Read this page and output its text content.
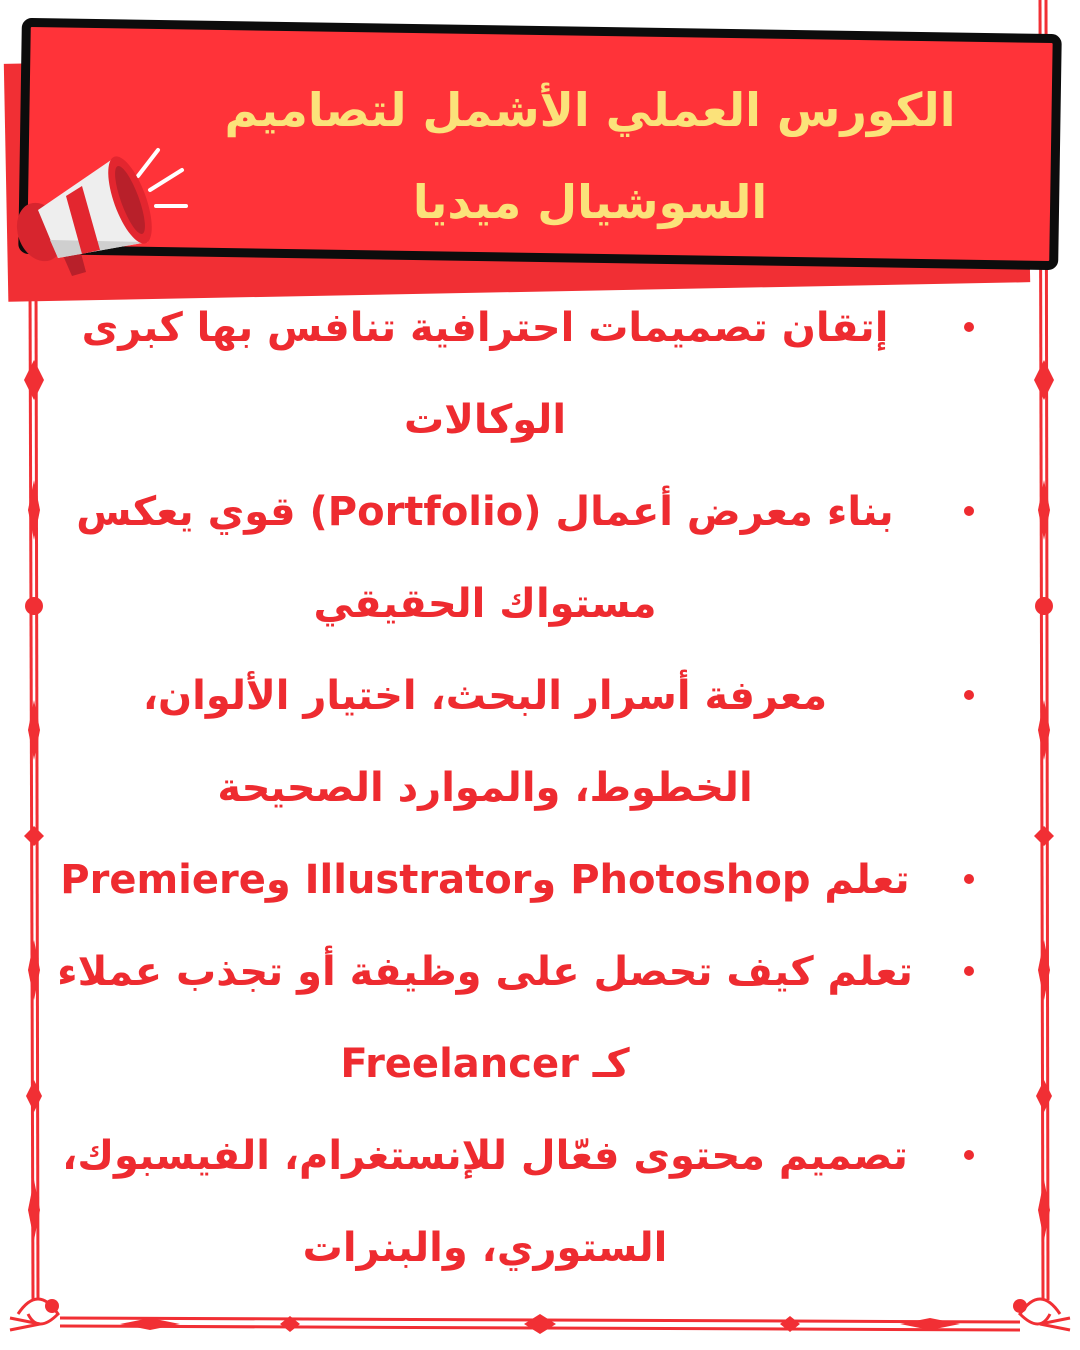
الكورس العملي الأشمل لتصاميم السوشيال ميديا
إتقان تصميمات احترافية تنافس بها كبرى الوكالات
بناء معرض أعمال (Portfolio) قوي يعكس مستواك الحقيقي
معرفة أسرار البحث، اختيار الألوان، الخطوط، والموارد الصحيحة
تعلم Photoshop وIllustrator وPremiere
تعلم كيف تحصل على وظيفة أو تجذب عملاء كـ Freelancer
تصميم محتوى فعّال للإنستغرام، الفيسبوك، الستوري، والبنرات
